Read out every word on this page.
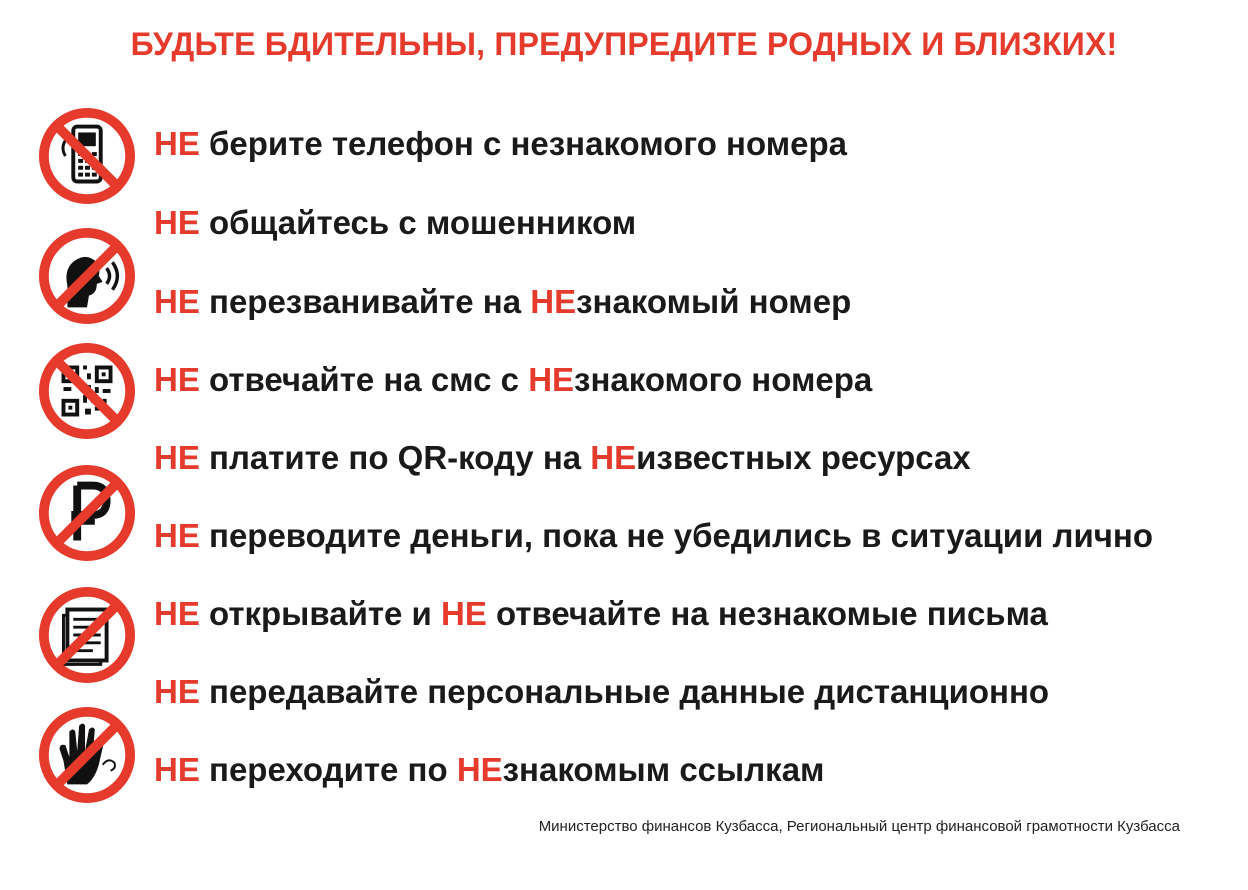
БУДЬТЕ БДИТЕЛЬНЫ, ПРЕДУПРЕДИТЕ РОДНЫХ И БЛИЗКИХ!
НЕ берите телефон с незнакомого номера
НЕ общайтесь с мошенником
НЕ перезванивайте на НЕзнакомый номер
НЕ отвечайте на смс с НЕзнакомого номера
НЕ платите по QR-коду на НЕизвестных ресурсах
НЕ переводите деньги, пока не убедились в ситуации лично
НЕ открывайте и НЕ отвечайте на незнакомые письма
НЕ передавайте персональные данные дистанционно
НЕ переходите по НЕзнакомым ссылкам
Министерство финансов Кузбасса, Региональный центр финансовой грамотности Кузбасса
